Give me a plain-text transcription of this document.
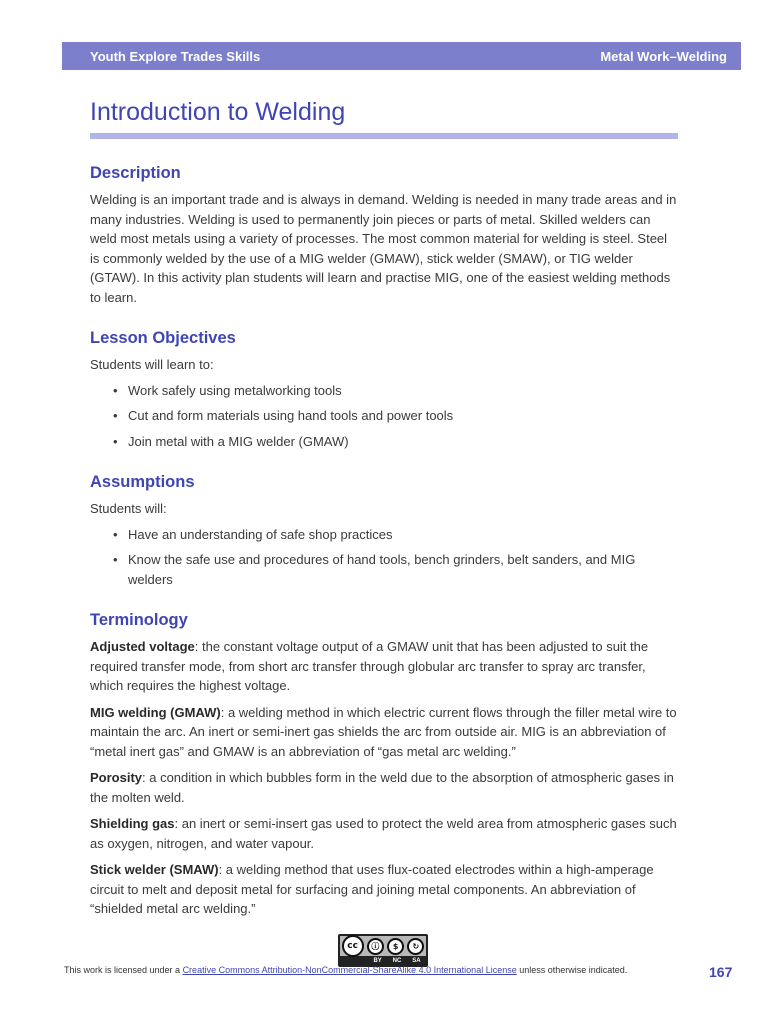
Youth Explore Trades Skills	Metal Work–Welding
Introduction to Welding
Description

Welding is an important trade and is always in demand. Welding is needed in many trade areas and in many industries. Welding is used to permanently join pieces or parts of metal. Skilled welders can weld most metals using a variety of processes. The most common material for welding is steel. Steel is commonly welded by the use of a MIG welder (GMAW), stick welder (SMAW), or TIG welder (GTAW). In this activity plan students will learn and practise MIG, one of the easiest welding methods to learn.

Lesson Objectives

Students will learn to:

• Work safely using metalworking tools
• Cut and form materials using hand tools and power tools
• Join metal with a MIG welder (GMAW)
Assumptions

Students will:

• Have an understanding of safe shop practices
• Know the safe use and procedures of hand tools, bench grinders, belt sanders, and MIG welders
Terminology

Adjusted voltage: the constant voltage output of a GMAW unit that has been adjusted to suit the required transfer mode, from short arc transfer through globular arc transfer to spray arc transfer, which requires the highest voltage.

MIG welding (GMAW): a welding method in which electric current flows through the filler metal wire to maintain the arc. An inert or semi-inert gas shields the arc from outside air. MIG is an abbreviation of “metal inert gas” and GMAW is an abbreviation of “gas metal arc welding.”

Porosity: a condition in which bubbles form in the weld due to the absorption of atmospheric gases in the molten weld.

Shielding gas: an inert or semi-insert gas used to protect the weld area from atmospheric gases such as oxygen, nitrogen, and water vapour.

Stick welder (SMAW): a welding method that uses flux-coated electrodes within a high-amperage circuit to melt and deposit metal for surfacing and joining metal components. An abbreviation of “shielded metal arc welding.”

cc	ⓘ	$	↻
BY NC SA
This work is licensed under a Creative Commons Attribution-NonCommercial-ShareAlike 4.0 International License unless otherwise indicated.	167
